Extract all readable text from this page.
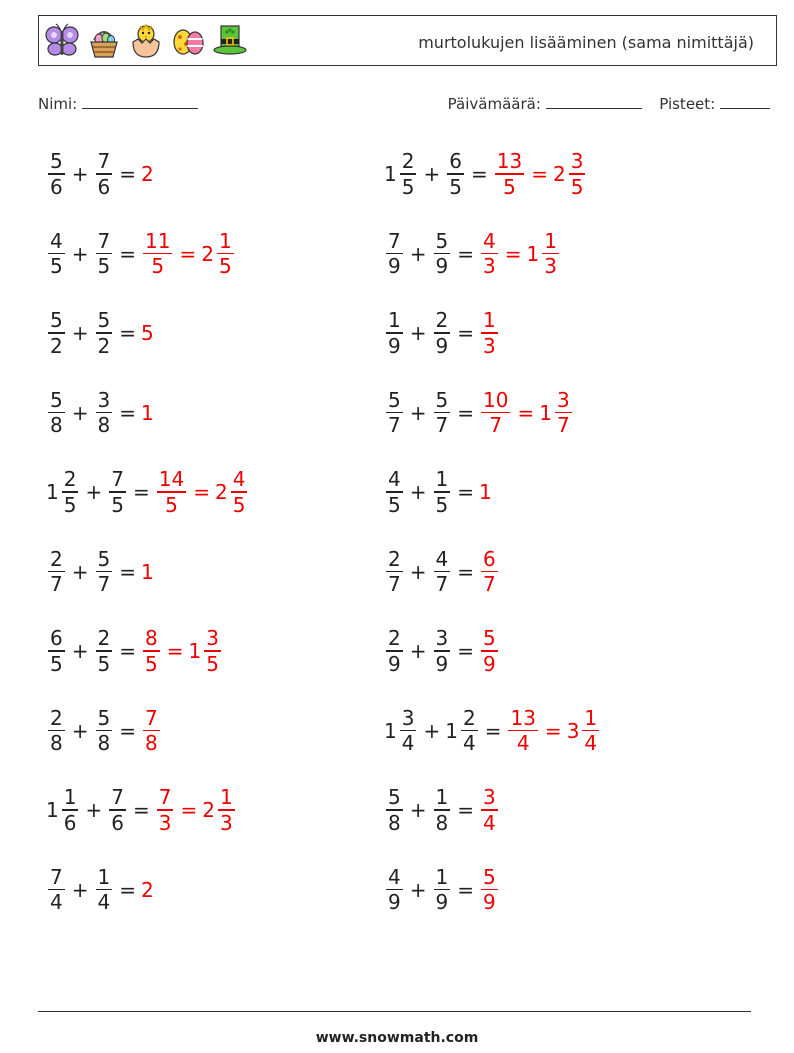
murtolukujen lisääminen (sama nimittäjä)
Nimi:	Päivämäärä:	Pisteet:
$\frac{5}{6} + \frac{7}{6} = 2$	$1 \frac{2}{5} + \frac{6}{5} = \frac{13}{5} = 2 \frac{3}{5}$
$\frac{4}{5} + \frac{7}{5} = \frac{11}{5} = 2 \frac{1}{5}$	$\frac{7}{9} + \frac{5}{9} = \frac{4}{3} = 1 \frac{1}{3}$
$\frac{5}{2} + \frac{5}{2} = 5$	$\frac{1}{9} + \frac{2}{9} = \frac{1}{3}$
$\frac{5}{8} + \frac{3}{8} = 1$	$\frac{5}{7} + \frac{5}{7} = \frac{10}{7} = 1 \frac{3}{7}$
$1 \frac{2}{5} + \frac{7}{5} = \frac{14}{5} = 2 \frac{4}{5}$	$\frac{4}{5} + \frac{1}{5} = 1$
$\frac{2}{7} + \frac{5}{7} = 1$	$\frac{2}{7} + \frac{4}{7} = \frac{6}{7}$
$\frac{6}{5} + \frac{2}{5} = \frac{8}{5} = 1 \frac{3}{5}$	$\frac{2}{9} + \frac{3}{9} = \frac{5}{9}$
$\frac{2}{8} + \frac{5}{8} = \frac{7}{8}$	$1 \frac{3}{4} + 1 \frac{2}{4} = \frac{13}{4} = 3 \frac{1}{4}$
$1 \frac{1}{6} + \frac{7}{6} = \frac{7}{3} = 2 \frac{1}{3}$	$\frac{5}{8} + \frac{1}{8} = \frac{3}{4}$
$\frac{7}{4} + \frac{1}{4} = 2$	$\frac{4}{9} + \frac{1}{9} = \frac{5}{9}$
www.snowmath.com
